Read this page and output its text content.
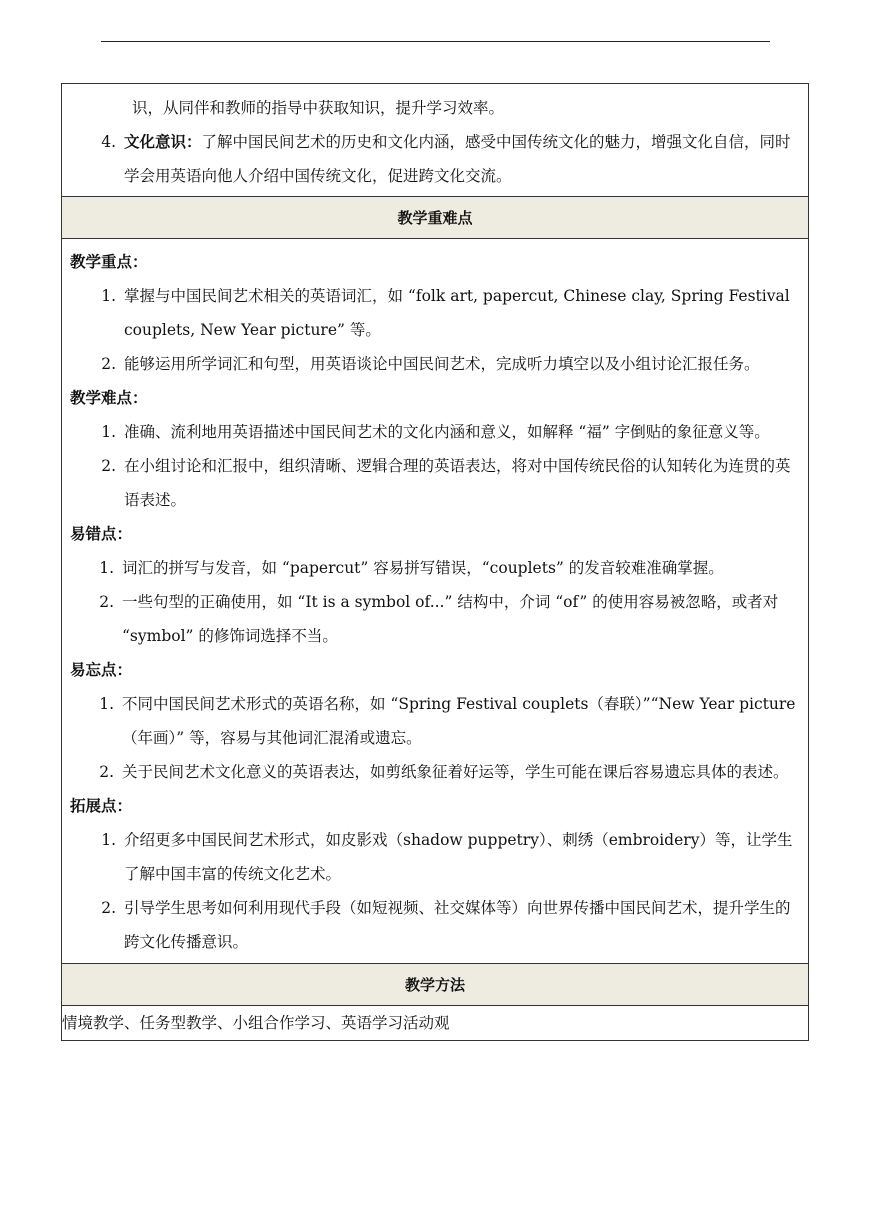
识，从同伴和教师的指导中获取知识，提升学习效率。
4. 文化意识：了解中国民间艺术的历史和文化内涵，感受中国传统文化的魅力，增强文化自信，同时学会用英语向他人介绍中国传统文化，促进跨文化交流。

教学重难点

教学重点：
1. 掌握与中国民间艺术相关的英语词汇，如 “folk art, papercut, Chinese clay, Spring Festival couplets, New Year picture” 等。
2. 能够运用所学词汇和句型，用英语谈论中国民间艺术，完成听力填空以及小组讨论汇报任务。
教学难点：
1. 准确、流利地用英语描述中国民间艺术的文化内涵和意义，如解释 “福” 字倒贴的象征意义等。
2. 在小组讨论和汇报中，组织清晰、逻辑合理的英语表达，将对中国传统民俗的认知转化为连贯的英语表述。
易错点：
1. 词汇的拼写与发音，如 “papercut” 容易拼写错误，“couplets” 的发音较难准确掌握。
2. 一些句型的正确使用，如 “It is a symbol of...” 结构中，介词 “of” 的使用容易被忽略，或者对 “symbol” 的修饰词选择不当。
易忘点：
1. 不同中国民间艺术形式的英语名称，如 “Spring Festival couplets（春联）”“New Year picture（年画）” 等，容易与其他词汇混淆或遗忘。
2. 关于民间艺术文化意义的英语表达，如剪纸象征着好运等，学生可能在课后容易遗忘具体的表述。
拓展点：
1. 介绍更多中国民间艺术形式，如皮影戏（shadow puppetry）、刺绣（embroidery）等，让学生了解中国丰富的传统文化艺术。
2. 引导学生思考如何利用现代手段（如短视频、社交媒体等）向世界传播中国民间艺术，提升学生的跨文化传播意识。

教学方法
情境教学、任务型教学、小组合作学习、英语学习活动观
